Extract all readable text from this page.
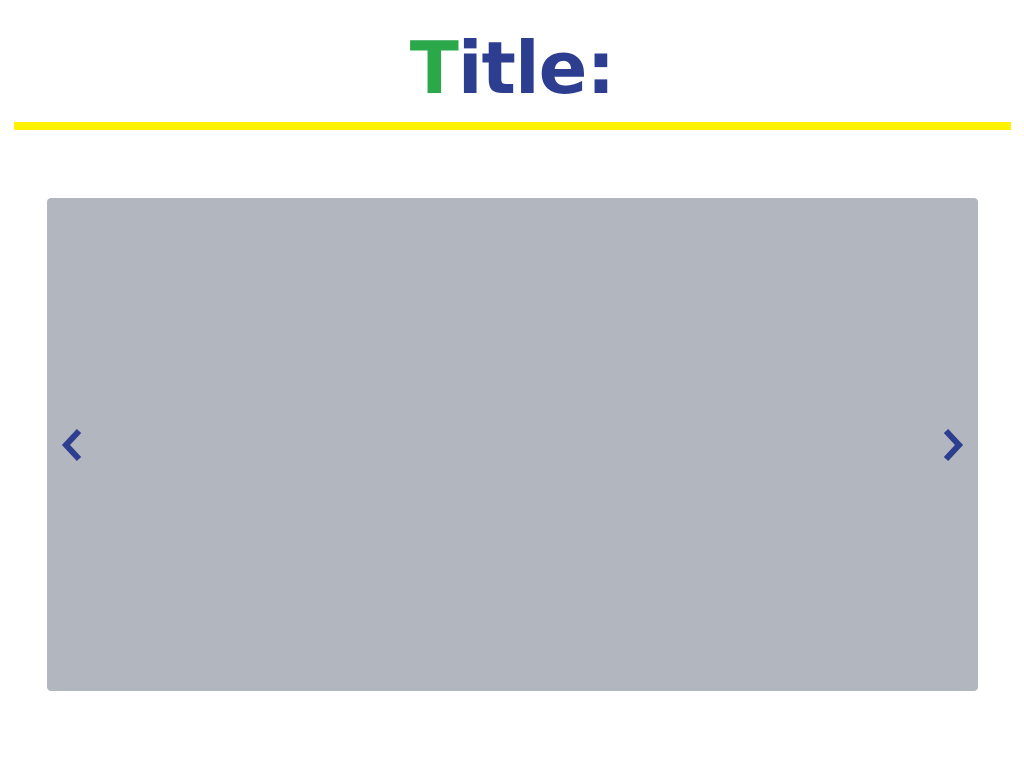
Title:
